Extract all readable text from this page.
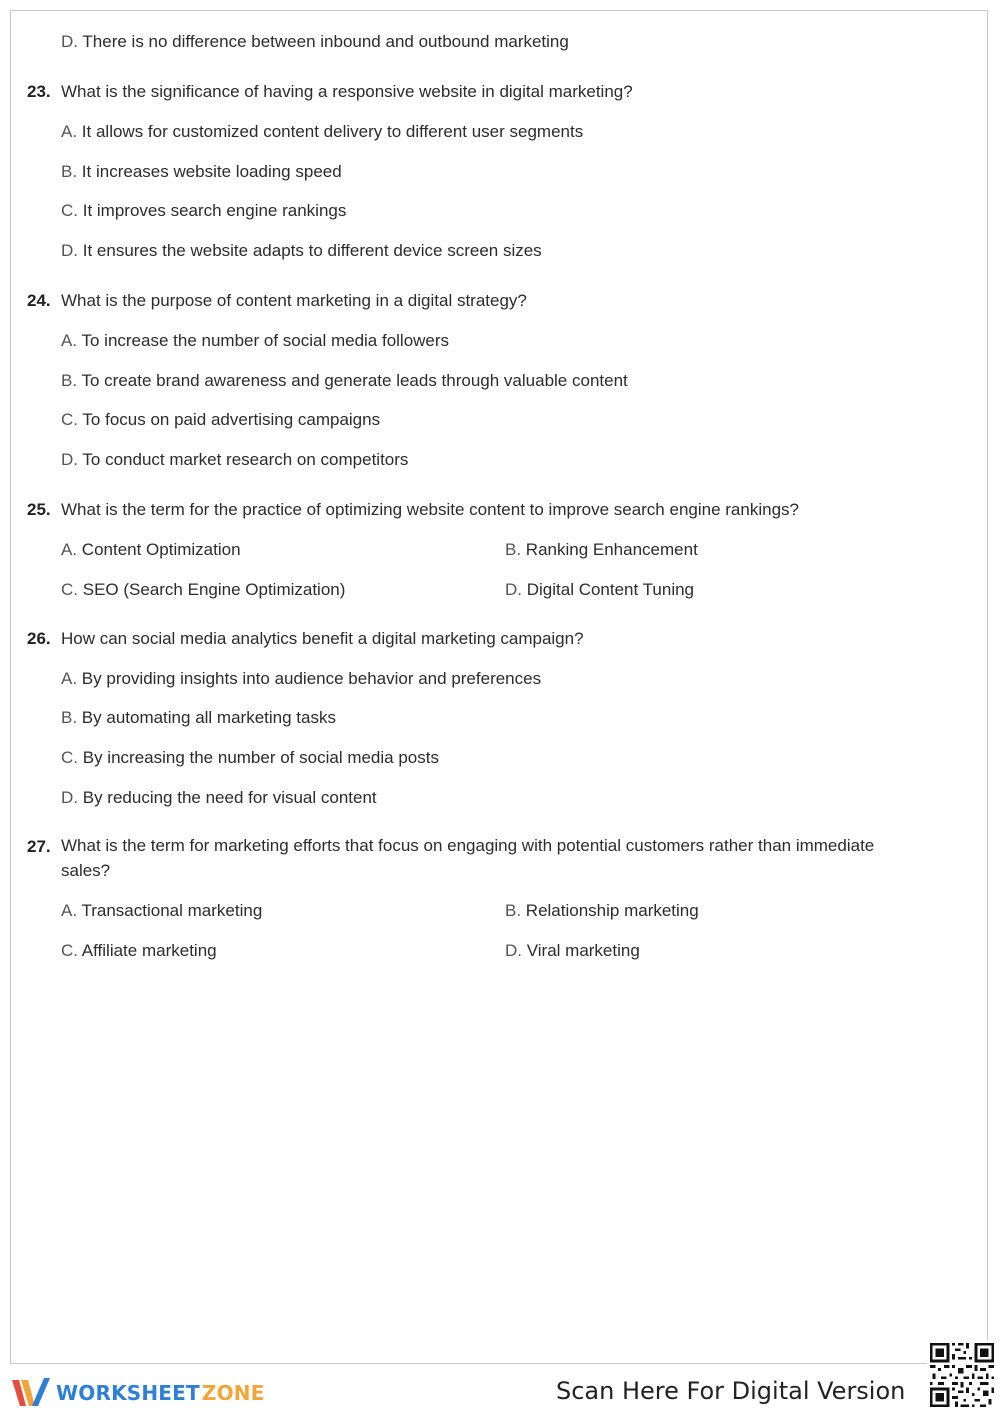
D. There is no difference between inbound and outbound marketing
23. What is the significance of having a responsive website in digital marketing?
A. It allows for customized content delivery to different user segments
B. It increases website loading speed
C. It improves search engine rankings
D. It ensures the website adapts to different device screen sizes
24. What is the purpose of content marketing in a digital strategy?
A. To increase the number of social media followers
B. To create brand awareness and generate leads through valuable content
C. To focus on paid advertising campaigns
D. To conduct market research on competitors
25. What is the term for the practice of optimizing website content to improve search engine rankings?
A. Content Optimization	B. Ranking Enhancement
C. SEO (Search Engine Optimization)	D. Digital Content Tuning
26. How can social media analytics benefit a digital marketing campaign?
A. By providing insights into audience behavior and preferences
B. By automating all marketing tasks
C. By increasing the number of social media posts
D. By reducing the need for visual content
27. What is the term for marketing efforts that focus on engaging with potential customers rather than immediate sales?
A. Transactional marketing	B. Relationship marketing
C. Affiliate marketing	D. Viral marketing
WORKSHEET ZONE	Scan Here For Digital Version
